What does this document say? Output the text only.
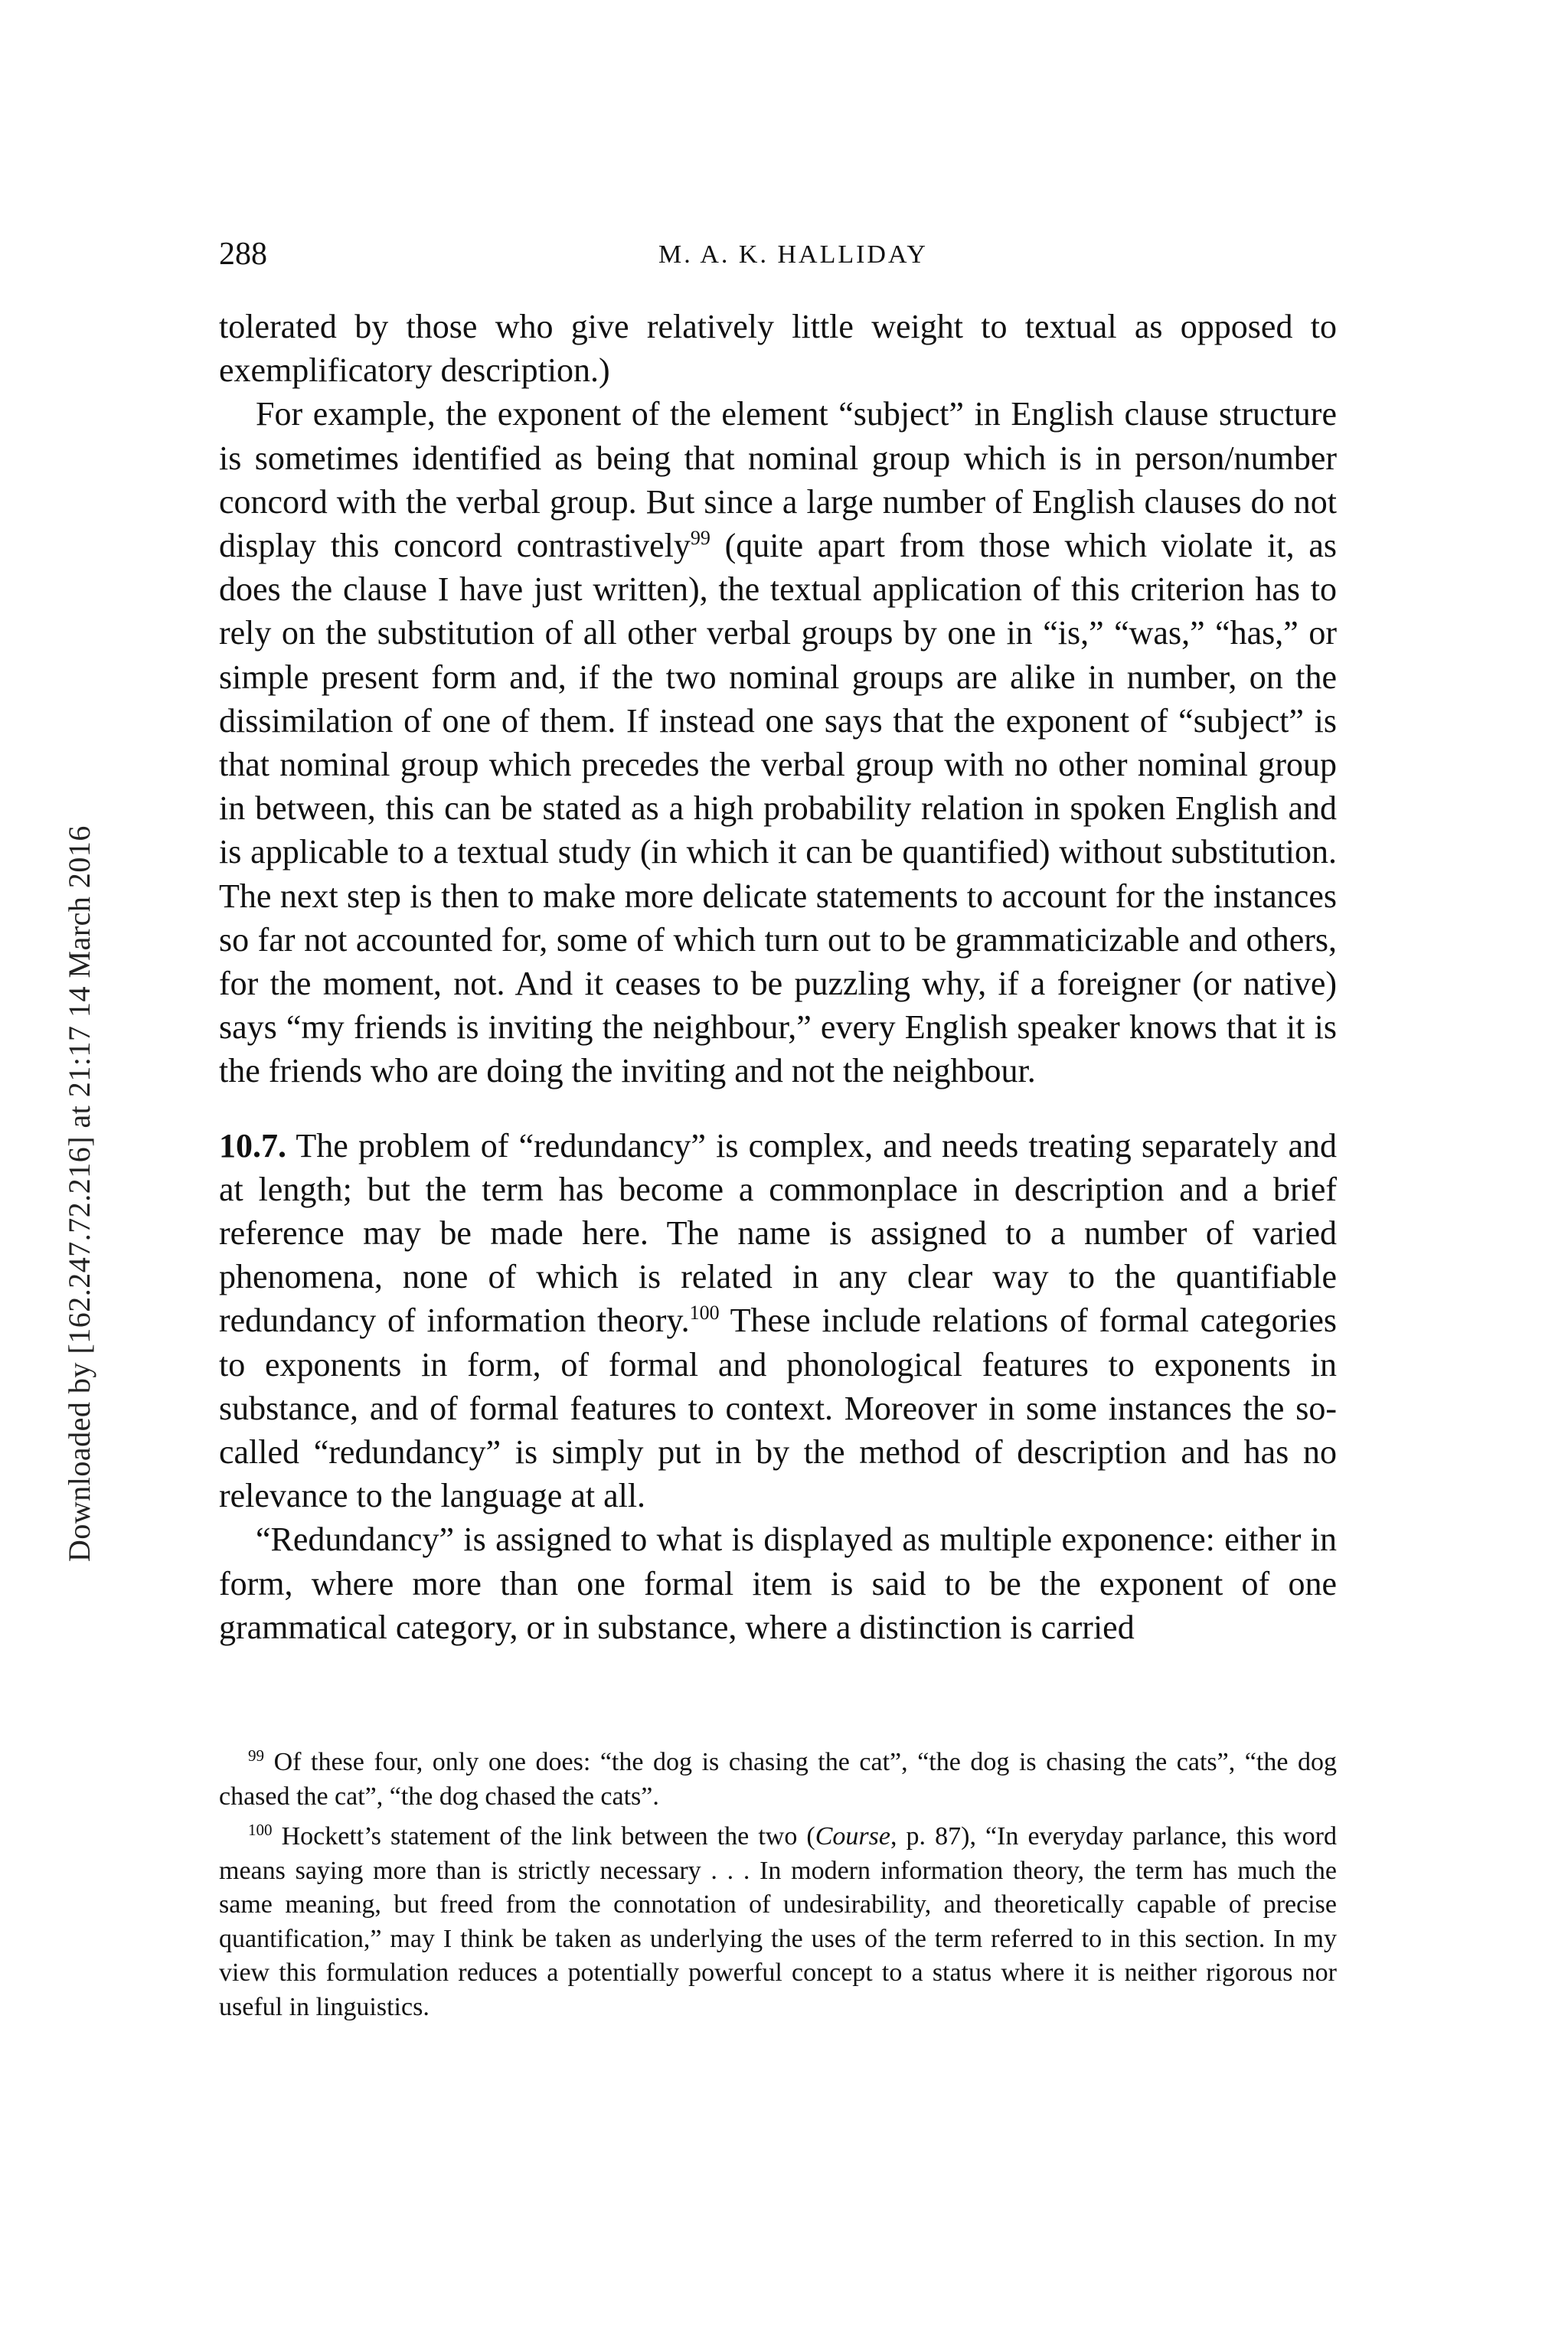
Downloaded by [162.247.72.216] at 21:17 14 March 2016
288	M. A. K. HALLIDAY

tolerated by those who give relatively little weight to textual as opposed to exemplificatory description.)

For example, the exponent of the element “subject” in English clause structure is sometimes identified as being that nominal group which is in person/number concord with the verbal group. But since a large number of English clauses do not display this concord contrastively$^{99}$ (quite apart from those which violate it, as does the clause I have just written), the textual application of this criterion has to rely on the substitution of all other verbal groups by one in “is,” “was,” “has,” or simple present form and, if the two nominal groups are alike in number, on the dissimilation of one of them. If instead one says that the exponent of “subject” is that nominal group which precedes the verbal group with no other nominal group in between, this can be stated as a high probability relation in spoken English and is applicable to a textual study (in which it can be quantified) without substitution. The next step is then to make more delicate statements to account for the instances so far not accounted for, some of which turn out to be grammaticizable and others, for the moment, not. And it ceases to be puzzling why, if a foreigner (or native) says “my friends is inviting the neighbour,” every English speaker knows that it is the friends who are doing the inviting and not the neighbour.

10.7. The problem of “redundancy” is complex, and needs treating separately and at length; but the term has become a commonplace in description and a brief reference may be made here. The name is assigned to a number of varied phenomena, none of which is related in any clear way to the quantifiable redundancy of information theory.$^{100}$ These include relations of formal categories to exponents in form, of formal and phonological features to exponents in substance, and of formal features to context. Moreover in some instances the so-called “redundancy” is simply put in by the method of description and has no relevance to the language at all.

“Redundancy” is assigned to what is displayed as multiple exponence: either in form, where more than one formal item is said to be the exponent of one grammatical category, or in substance, where a distinction is carried

$^{99}$ Of these four, only one does: “the dog is chasing the cat”, “the dog is chasing the cats”, “the dog chased the cat”, “the dog chased the cats”.

$^{100}$ Hockett’s statement of the link between the two (Course, p. 87), “In everyday parlance, this word means saying more than is strictly necessary . . . In modern information theory, the term has much the same meaning, but freed from the connotation of undesirability, and theoretically capable of precise quantification,” may I think be taken as underlying the uses of the term referred to in this section. In my view this formulation reduces a potentially powerful concept to a status where it is neither rigorous nor useful in linguistics.
